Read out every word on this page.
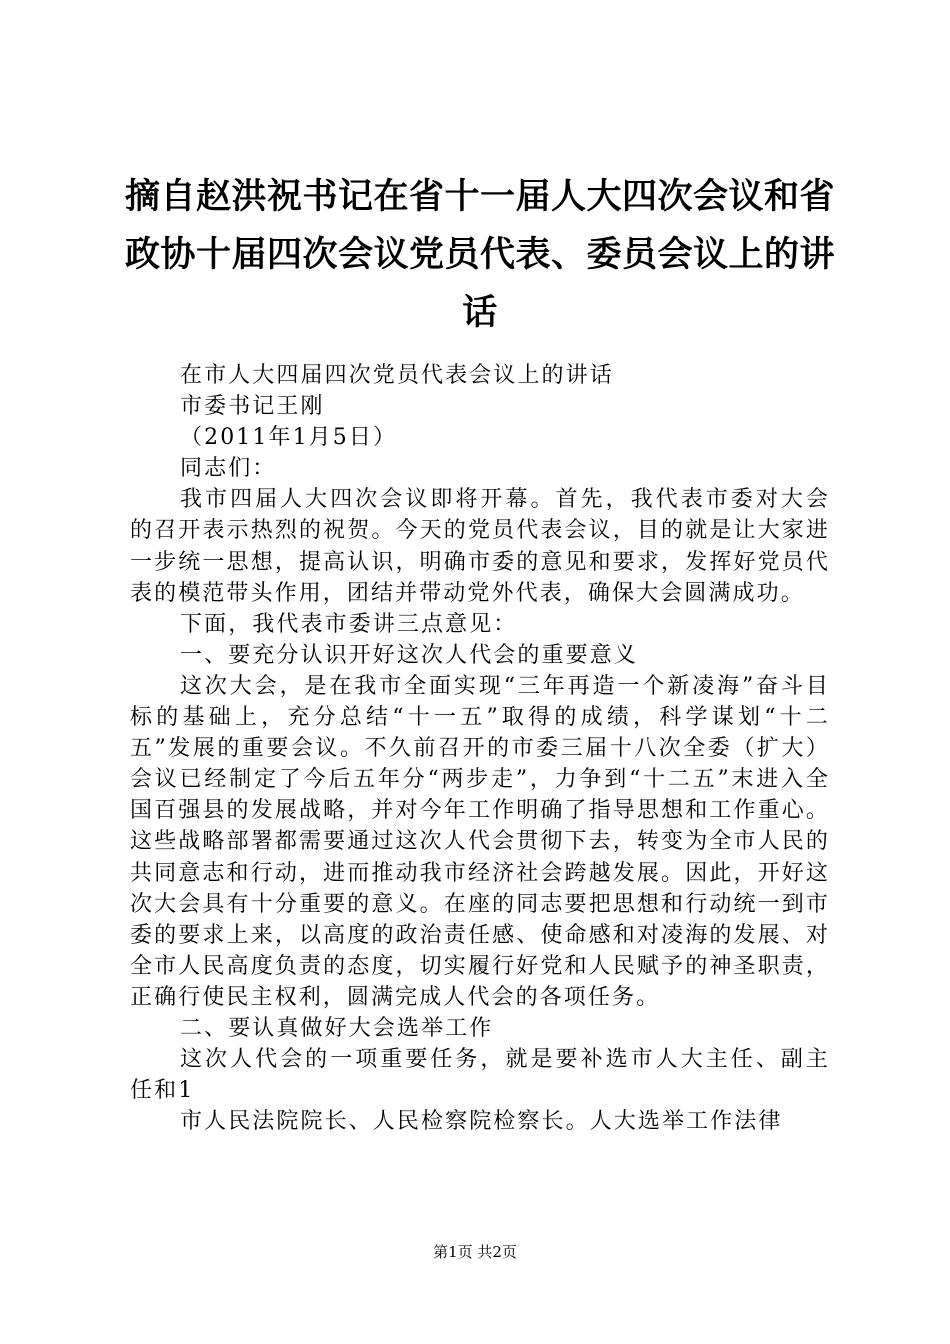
摘自赵洪祝书记在省十一届人大四次会议和省政协十届四次会议党员代表、委员会议上的讲话

在市人大四届四次党员代表会议上的讲话

市委书记王刚

（2011年1月5日）

同志们：

我市四届人大四次会议即将开幕。首先，我代表市委对大会的召开表示热烈的祝贺。今天的党员代表会议，目的就是让大家进一步统一思想，提高认识，明确市委的意见和要求，发挥好党员代表的模范带头作用，团结并带动党外代表，确保大会圆满成功。

下面，我代表市委讲三点意见：

一、要充分认识开好这次人代会的重要意义

这次大会，是在我市全面实现“三年再造一个新凌海”奋斗目标的基础上，充分总结“十一五”取得的成绩，科学谋划“十二五”发展的重要会议。不久前召开的市委三届十八次全委（扩大）会议已经制定了今后五年分“两步走”，力争到“十二五”末进入全国百强县的发展战略，并对今年工作明确了指导思想和工作重心。这些战略部署都需要通过这次人代会贯彻下去，转变为全市人民的共同意志和行动，进而推动我市经济社会跨越发展。因此，开好这次大会具有十分重要的意义。在座的同志要把思想和行动统一到市委的要求上来，以高度的政治责任感、使命感和对凌海的发展、对全市人民高度负责的态度，切实履行好党和人民赋予的神圣职责，正确行使民主权利，圆满完成人代会的各项任务。

二、要认真做好大会选举工作

这次人代会的一项重要任务，就是要补选市人大主任、副主任和1

市人民法院院长、人民检察院检察长。人大选举工作法律

第1页 共2页
